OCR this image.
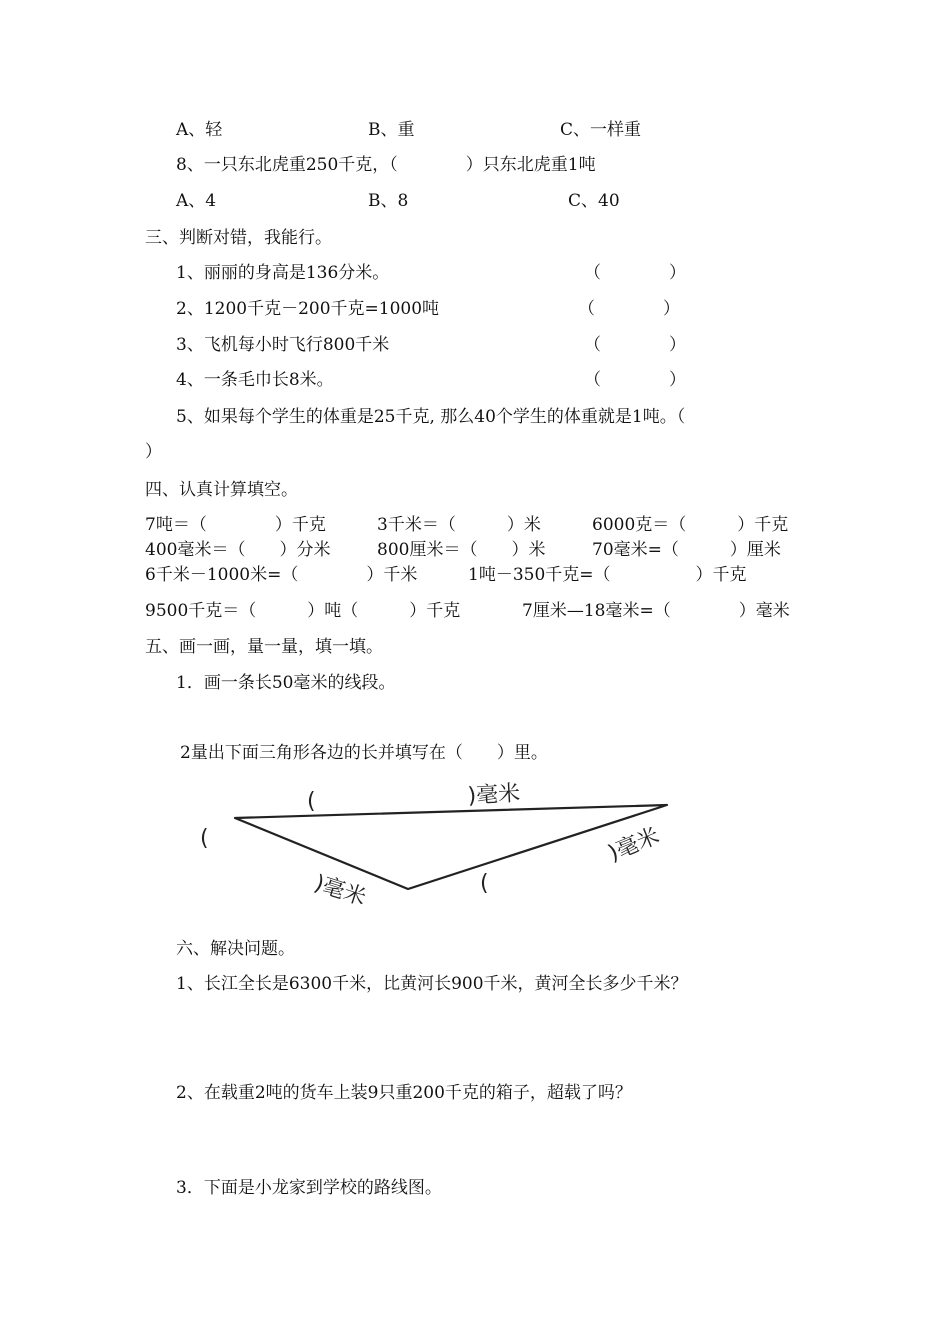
A、轻	B、重	C、一样重
8、一只东北虎重250千克，（　　　　）只东北虎重1吨
A、4	B、8	C、40
三、判断对错，我能行。
1、丽丽的身高是136分米。	（　　　　）
2、1200千克－200千克=1000吨	（　　　　）
3、飞机每小时飞行800千米	（　　　　）
4、一条毛巾长8米。	（　　　　）
5、如果每个学生的体重是25千克, 那么40个学生的体重就是1吨。（
）
四、认真计算填空。
7吨＝（　　　　）千克	3千米＝（　　　）米	6000克＝（　　　）千克
400毫米＝（　　）分米	800厘米＝（　　）米	70毫米=（　　　）厘米
6千米－1000米=（　　　　）千米	1吨－350千克=（　　　　　）千克
9500千克＝（　　　）吨（　　　）千克	7厘米—18毫米=（　　　　）毫米
五、画一画，量一量，填一填。
1．画一条长50毫米的线段。
2量出下面三角形各边的长并填写在（　　）里。
(	)毫米
(	)毫米
)毫米	(
六、解决问题。
1、长江全长是6300千米，比黄河长900千米，黄河全长多少千米？
2、在载重2吨的货车上装9只重200千克的箱子，超载了吗？
3．下面是小龙家到学校的路线图。
